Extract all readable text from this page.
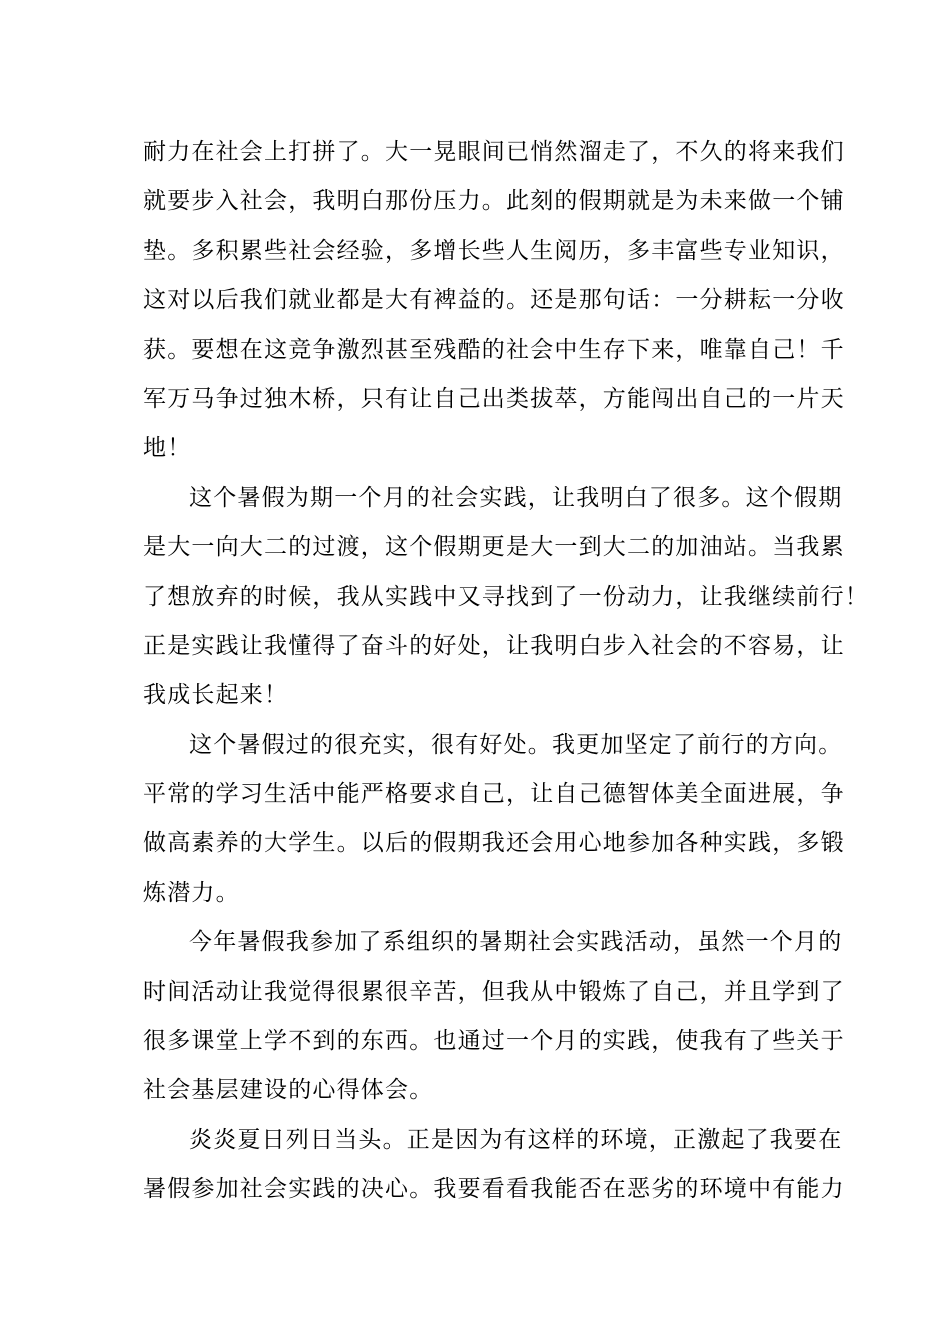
耐力在社会上打拼了。大一晃眼间已悄然溜走了，不久的将来我们
就要步入社会，我明白那份压力。此刻的假期就是为未来做一个铺
垫。多积累些社会经验，多增长些人生阅历，多丰富些专业知识，
这对以后我们就业都是大有裨益的。还是那句话：一分耕耘一分收
获。要想在这竞争激烈甚至残酷的社会中生存下来，唯靠自己！千
军万马争过独木桥，只有让自己出类拔萃，方能闯出自己的一片天
地！
这个暑假为期一个月的社会实践，让我明白了很多。这个假期
是大一向大二的过渡，这个假期更是大一到大二的加油站。当我累
了想放弃的时候，我从实践中又寻找到了一份动力，让我继续前行！
正是实践让我懂得了奋斗的好处，让我明白步入社会的不容易，让
我成长起来！
这个暑假过的很充实，很有好处。我更加坚定了前行的方向。
平常的学习生活中能严格要求自己，让自己德智体美全面进展，争
做高素养的大学生。以后的假期我还会用心地参加各种实践，多锻
炼潜力。
今年暑假我参加了系组织的暑期社会实践活动，虽然一个月的
时间活动让我觉得很累很辛苦，但我从中锻炼了自己，并且学到了
很多课堂上学不到的东西。也通过一个月的实践，使我有了些关于
社会基层建设的心得体会。
炎炎夏日列日当头。正是因为有这样的环境，正激起了我要在
暑假参加社会实践的决心。我要看看我能否在恶劣的环境中有能力
